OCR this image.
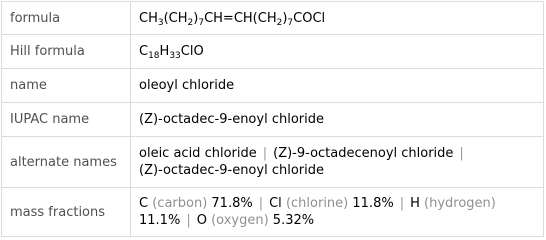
formula	$CH_3(CH_2)_7CH=CH(CH_2)_7COCl$
Hill formula	$C_{18}H_{33}ClO$
name	oleoyl chloride
IUPAC name	(Z)-octadec-9-enoyl chloride
alternate names	oleic acid chloride | (Z)-9-octadecenoyl chloride |
(Z)-octadec-9-enoyl chloride
mass fractions	C (carbon) 71.8% | Cl (chlorine) 11.8% | H (hydrogen)
11.1% | O (oxygen) 5.32%
